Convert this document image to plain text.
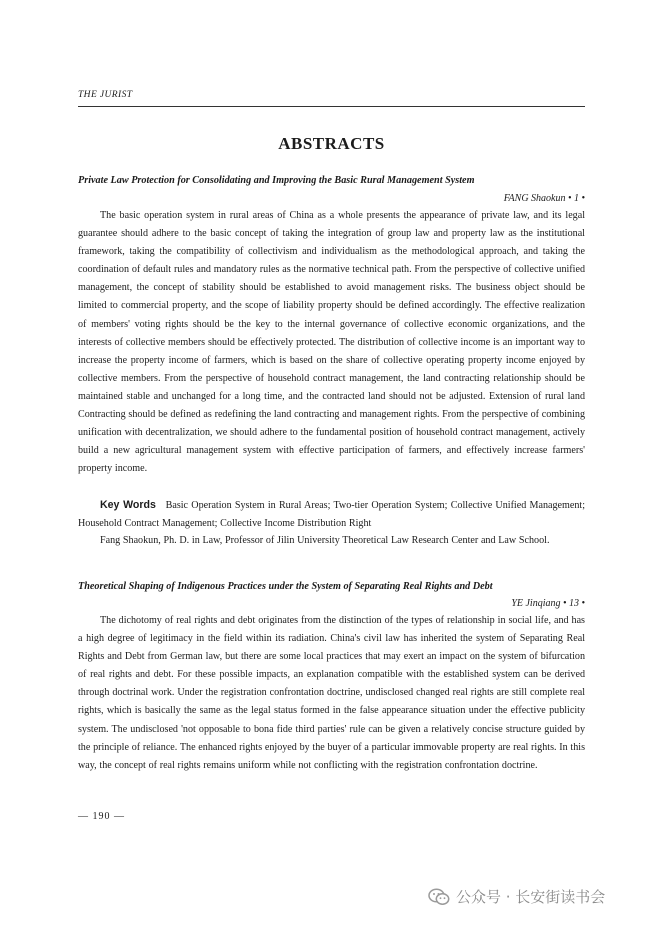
THE JURIST
ABSTRACTS
Private Law Protection for Consolidating and Improving the Basic Rural Management System
FANG Shaokun • 1 •

The basic operation system in rural areas of China as a whole presents the appearance of private law, and its legal guarantee should adhere to the basic concept of taking the integration of group law and property law as the institutional framework, taking the compatibility of collectivism and individualism as the methodological approach, and taking the coordination of default rules and mandatory rules as the normative technical path. From the perspective of collective unified management, the concept of stability should be established to avoid management risks. The business object should be limited to commercial property, and the scope of liability property should be defined accordingly. The effective realization of members' voting rights should be the key to the internal governance of collective economic organizations, and the interests of collective members should be effectively protected. The distribution of collective income is an important way to increase the property income of farmers, which is based on the share of collective operating property income enjoyed by collective members. From the perspective of household contract management, the land contracting relationship should be maintained stable and unchanged for a long time, and the contracted land should not be adjusted. Extension of rural land Contracting should be defined as redefining the land contracting and management rights. From the perspective of combining unification with decentralization, we should adhere to the fundamental position of household contract management, actively build a new agricultural management system with effective participation of farmers, and effectively increase farmers' property income.

Key Words Basic Operation System in Rural Areas; Two-tier Operation System; Collective Unified Management; Household Contract Management; Collective Income Distribution Right

Fang Shaokun, Ph. D. in Law, Professor of Jilin University Theoretical Law Research Center and Law School.

Theoretical Shaping of Indigenous Practices under the System of Separating Real Rights and Debt
YE Jinqiang • 13 •

The dichotomy of real rights and debt originates from the distinction of the types of relationship in social life, and has a high degree of legitimacy in the field within its radiation. China's civil law has inherited the system of Separating Real Rights and Debt from German law, but there are some local practices that may exert an impact on the system of bifurcation of real rights and debt. For these possible impacts, an explanation compatible with the established system can be derived through doctrinal work. Under the registration confrontation doctrine, undisclosed changed real rights are still complete real rights, which is basically the same as the legal status formed in the false appearance situation under the effective publicity system. The undisclosed 'not opposable to bona fide third parties' rule can be given a relatively concise structure guided by the principle of reliance. The enhanced rights enjoyed by the buyer of a particular immovable property are real rights. In this way, the concept of real rights remains uniform while not conflicting with the registration confrontation doctrine.

— 190 —
公众号 · 长安街读书会
